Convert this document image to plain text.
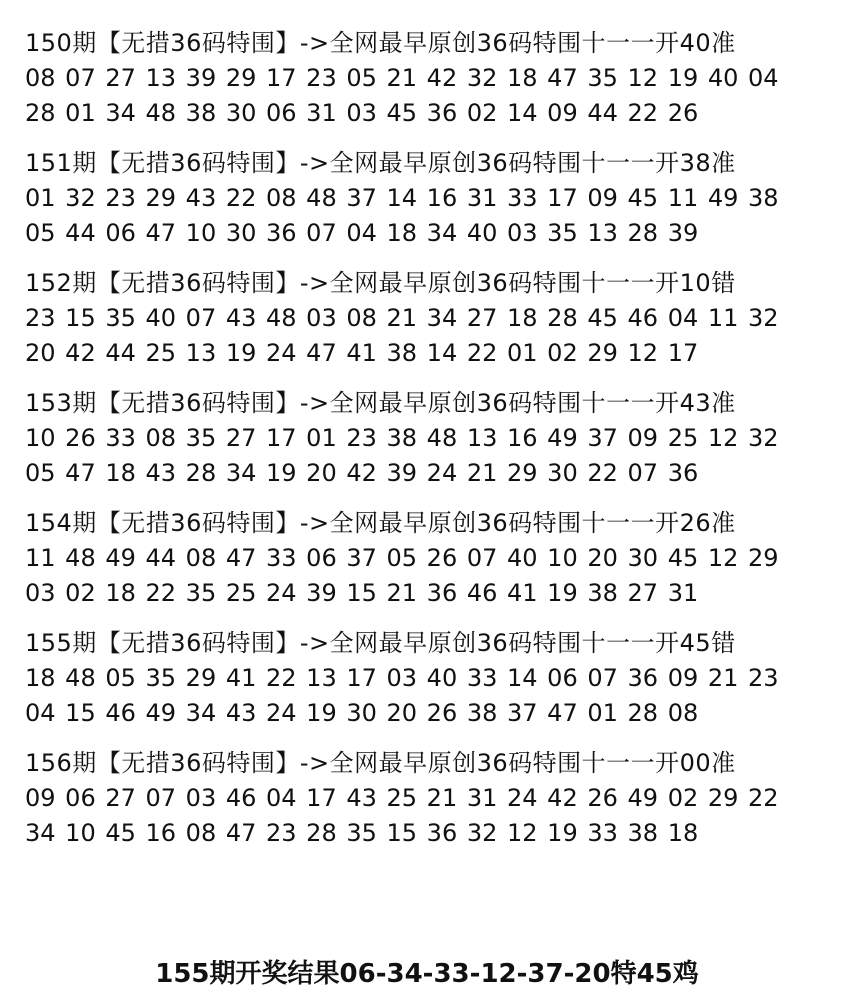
150期【无措36码特围】->全网最早原创36码特围十一一开40准
08 07 27 13 39 29 17 23 05 21 42 32 18 47 35 12 19 40 04
28 01 34 48 38 30 06 31 03 45 36 02 14 09 44 22 26
151期【无措36码特围】->全网最早原创36码特围十一一开38准
01 32 23 29 43 22 08 48 37 14 16 31 33 17 09 45 11 49 38
05 44 06 47 10 30 36 07 04 18 34 40 03 35 13 28 39
152期【无措36码特围】->全网最早原创36码特围十一一开10错
23 15 35 40 07 43 48 03 08 21 34 27 18 28 45 46 04 11 32
20 42 44 25 13 19 24 47 41 38 14 22 01 02 29 12 17
153期【无措36码特围】->全网最早原创36码特围十一一开43准
10 26 33 08 35 27 17 01 23 38 48 13 16 49 37 09 25 12 32
05 47 18 43 28 34 19 20 42 39 24 21 29 30 22 07 36
154期【无措36码特围】->全网最早原创36码特围十一一开26准
11 48 49 44 08 47 33 06 37 05 26 07 40 10 20 30 45 12 29
03 02 18 22 35 25 24 39 15 21 36 46 41 19 38 27 31
155期【无措36码特围】->全网最早原创36码特围十一一开45错
18 48 05 35 29 41 22 13 17 03 40 33 14 06 07 36 09 21 23
04 15 46 49 34 43 24 19 30 20 26 38 37 47 01 28 08
156期【无措36码特围】->全网最早原创36码特围十一一开00准
09 06 27 07 03 46 04 17 43 25 21 31 24 42 26 49 02 29 22
34 10 45 16 08 47 23 28 35 15 36 32 12 19 33 38 18
155期开奖结果06-34-33-12-37-20特45鸡
